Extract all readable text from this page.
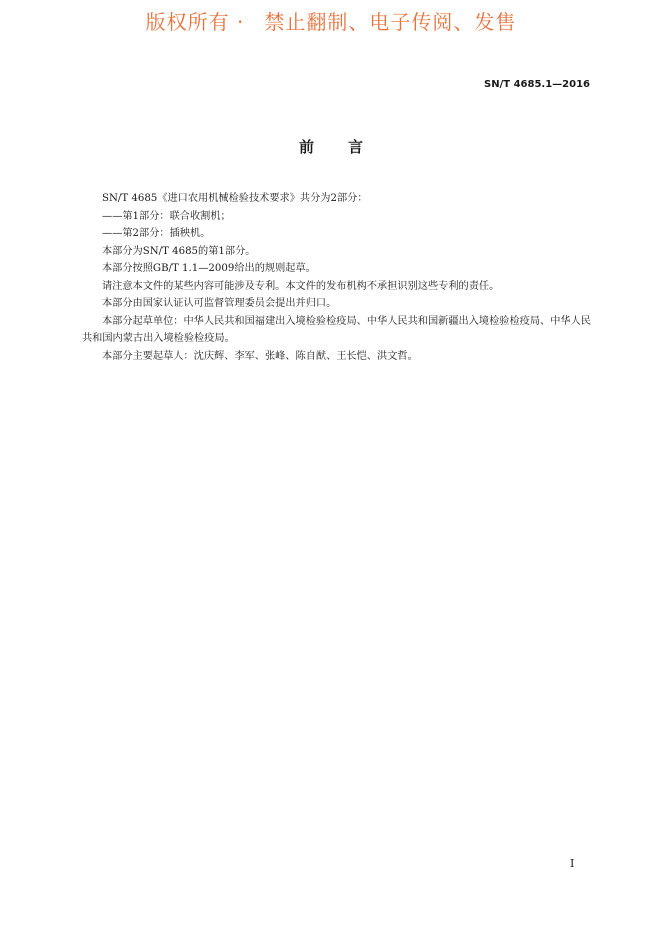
版权所有 · 禁止翻制、电子传阅、发售
SN/T 4685.1—2016
前言

SN/T 4685《进口农用机械检验技术要求》共分为2部分：

——第1部分：联合收割机；

——第2部分：插秧机。

本部分为SN/T 4685的第1部分。

本部分按照GB/T 1.1—2009给出的规则起草。

请注意本文件的某些内容可能涉及专利。本文件的发布机构不承担识别这些专利的责任。

本部分由国家认证认可监督管理委员会提出并归口。

本部分起草单位：中华人民共和国福建出入境检验检疫局、中华人民共和国新疆出入境检验检疫局、中华人民共和国内蒙古出入境检验检疫局。

本部分主要起草人：沈庆辉、李军、张峰、陈自猷、王长恺、洪文哲。

I
